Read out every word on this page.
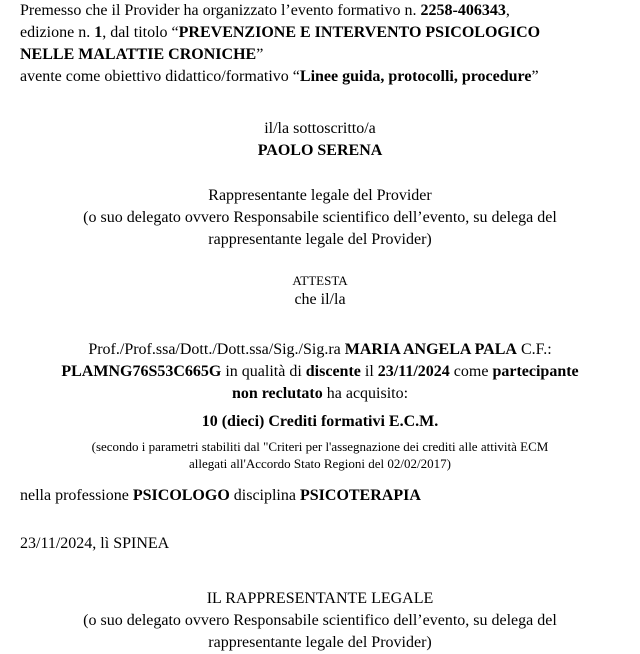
Premesso che il Provider ha organizzato l’evento formativo n. 2258-406343,
edizione n. 1, dal titolo “PREVENZIONE E INTERVENTO PSICOLOGICO
NELLE MALATTIE CRONICHE”
avente come obiettivo didattico/formativo “Linee guida, protocolli, procedure”
il/la sottoscritto/a
PAOLO SERENA
Rappresentante legale del Provider
(o suo delegato ovvero Responsabile scientifico dell’evento, su delega del
rappresentante legale del Provider)
ATTESTA
che il/la
Prof./Prof.ssa/Dott./Dott.ssa/Sig./Sig.ra MARIA ANGELA PALA C.F.:
PLAMNG76S53C665G in qualità di discente il 23/11/2024 come partecipante
non reclutato ha acquisito:
10 (dieci) Crediti formativi E.C.M.
(secondo i parametri stabiliti dal "Criteri per l'assegnazione dei crediti alle attività ECM
allegati all'Accordo Stato Regioni del 02/02/2017)
nella professione PSICOLOGO disciplina PSICOTERAPIA
23/11/2024, lì SPINEA
IL RAPPRESENTANTE LEGALE
(o suo delegato ovvero Responsabile scientifico dell’evento, su delega del
rappresentante legale del Provider)
